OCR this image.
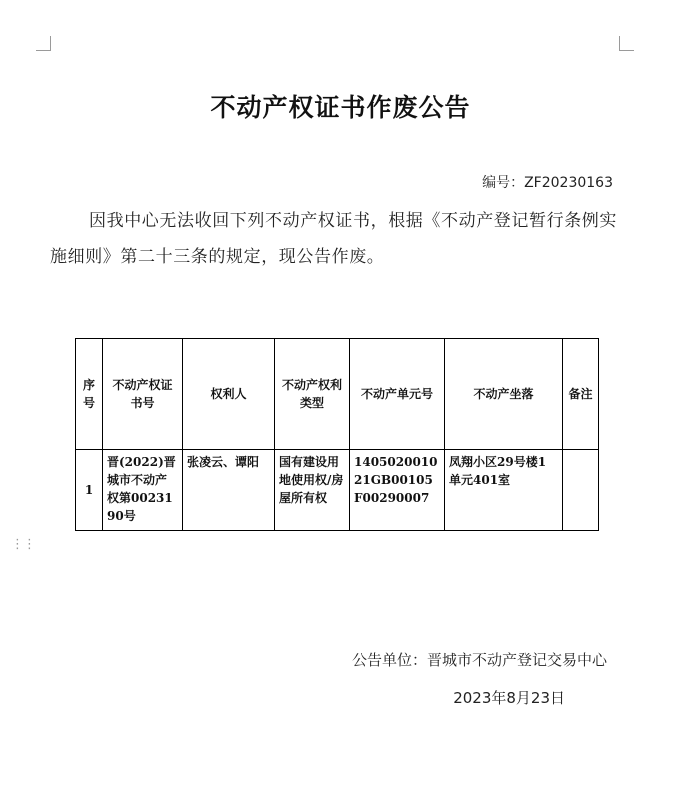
不动产权证书作废公告
编号：ZF20230163

因我中心无法收回下列不动产权证书，根据《不动产登记暂行条例实施细则》第二十三条的规定，现公告作废。

序号	不动产权证书号	权利人	不动产权利类型	不动产单元号	不动产坐落	备注
1	晋(2022)晋城市不动产权第0023190号	张凌云、谭阳	国有建设用地使用权/房屋所有权	140502001021GB00105F00290007	凤翔小区29号楼1单元401室	
⋮⋮
公告单位：晋城市不动产登记交易中心
2023年8月23日
